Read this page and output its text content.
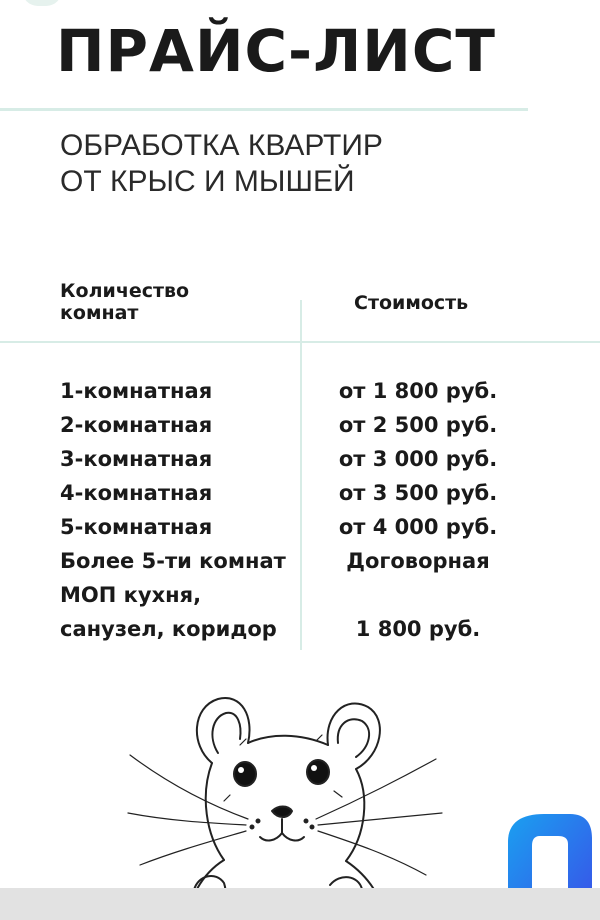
ПРАЙС-ЛИСТ
ОБРАБОТКА КВАРТИР
ОТ КРЫС И МЫШЕЙ
Количество комнат	Стоимость
1-комнатная	от 1 800 руб.
2-комнатная	от 2 500 руб.
3-комнатная	от 3 000 руб.
4-комнатная	от 3 500 руб.
5-комнатная	от 4 000 руб.
Более 5-ти комнат	Договорная
МОП кухня,
санузел, коридор	1 800 руб.
